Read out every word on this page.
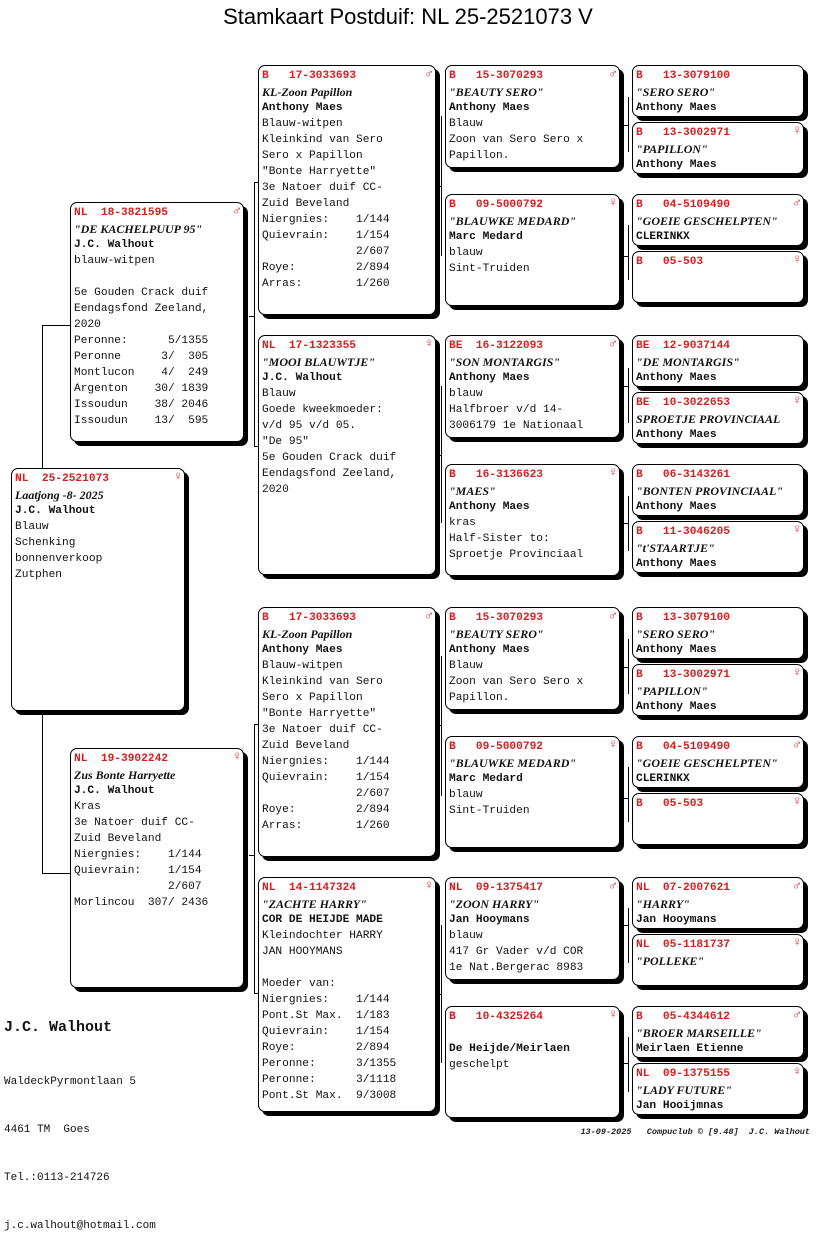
Stamkaart Postduif: NL 25-2521073 V
NL  25-2521073	♀
Laatjong -8- 2025
J.C. Walhout
Blauw
Schenking
bonnenverkoop
Zutphen
NL  18-3821595	♂
"DE KACHELPUUP 95"
J.C. Walhout
blauw-witpen
5e Gouden Crack duif
Eendagsfond Zeeland,
2020
Peronne:      5/1355
Peronne      3/  305
Montlucon    4/  249
Argenton    30/ 1839
Issoudun    38/ 2046
Issoudun    13/  595
NL  19-3902242	♀
Zus Bonte Harryette
J.C. Walhout
Kras
3e Natoer duif CC-
Zuid Beveland
Niergnies:    1/144
Quievrain:    1/154
2/607
Morlincou  307/ 2436
B   17-3033693	♂
KL-Zoon Papillon
Anthony Maes
Blauw-witpen
Kleinkind van Sero
Sero x Papillon
"Bonte Harryette"
3e Natoer duif CC-
Zuid Beveland
Niergnies:    1/144
Quievrain:    1/154
2/607
Roye:         2/894
Arras:        1/260
NL  17-1323355	♀
"MOOI BLAUWTJE"
J.C. Walhout
Blauw
Goede kweekmoeder:
v/d 95 v/d 05.
"De 95"
5e Gouden Crack duif
Eendagsfond Zeeland,
2020
B   17-3033693	♂
KL-Zoon Papillon
Anthony Maes
Blauw-witpen
Kleinkind van Sero
Sero x Papillon
"Bonte Harryette"
3e Natoer duif CC-
Zuid Beveland
Niergnies:    1/144
Quievrain:    1/154
2/607
Roye:         2/894
Arras:        1/260
NL  14-1147324	♀
"ZACHTE HARRY"
COR DE HEIJDE MADE
Kleindochter HARRY
JAN HOOYMANS
Moeder van:
Niergnies:    1/144
Pont.St Max.  1/183
Quievrain:    1/154
Roye:         2/894
Peronne:      3/1355
Peronne:      3/1118
Pont.St Max.  9/3008
B   15-3070293	♂
"BEAUTY SERO"
Anthony Maes
Blauw
Zoon van Sero Sero x
Papillon.
B   09-5000792	♀
"BLAUWKE MEDARD"
Marc Medard
blauw
Sint-Truiden
BE  16-3122093	♂
"SON MONTARGIS"
Anthony Maes
blauw
Halfbroer v/d 14-
3006179 1e Nationaal
B   16-3136623	♀
"MAES"
Anthony Maes
kras
Half-Sister to:
Sproetje Provinciaal
B   15-3070293	♂
"BEAUTY SERO"
Anthony Maes
Blauw
Zoon van Sero Sero x
Papillon.
B   09-5000792	♀
"BLAUWKE MEDARD"
Marc Medard
blauw
Sint-Truiden
NL  09-1375417	♂
"ZOON HARRY"
Jan Hooymans
blauw
417 Gr Vader v/d COR
1e Nat.Bergerac 8983
B   10-4325264	♀
De Heijde/Meirlaen
geschelpt
B   13-3079100
"SERO SERO"
Anthony Maes
B   13-3002971	♀
"PAPILLON"
Anthony Maes
B   04-5109490	♂
"GOEIE GESCHELPTEN"
CLERINKX
B   05-503	♀
BE  12-9037144
"DE MONTARGIS"
Anthony Maes
BE  10-3022653	♀
SPROETJE PROVINCIAAL
Anthony Maes
B   06-3143261
"BONTEN PROVINCIAAL"
Anthony Maes
B   11-3046205	♀
"t'STAARTJE"
Anthony Maes
B   13-3079100
"SERO SERO"
Anthony Maes
B   13-3002971	♀
"PAPILLON"
Anthony Maes
B   04-5109490	♂
"GOEIE GESCHELPTEN"
CLERINKX
B   05-503	♀
NL  07-2007621	♂
"HARRY"
Jan Hooymans
NL  05-1181737	♀
"POLLEKE"
B   05-4344612	♂
"BROER MARSEILLE"
Meirlaen Etienne
NL  09-1375155	♀
"LADY FUTURE"
Jan Hooijmnas
J.C. Walhout

WaldeckPyrmontlaan 5

4461 TM  Goes

Tel.:0113-214726

j.c.walhout@hotmail.com

13-09-2025   Compuclub © [9.48]  J.C. Walhout
